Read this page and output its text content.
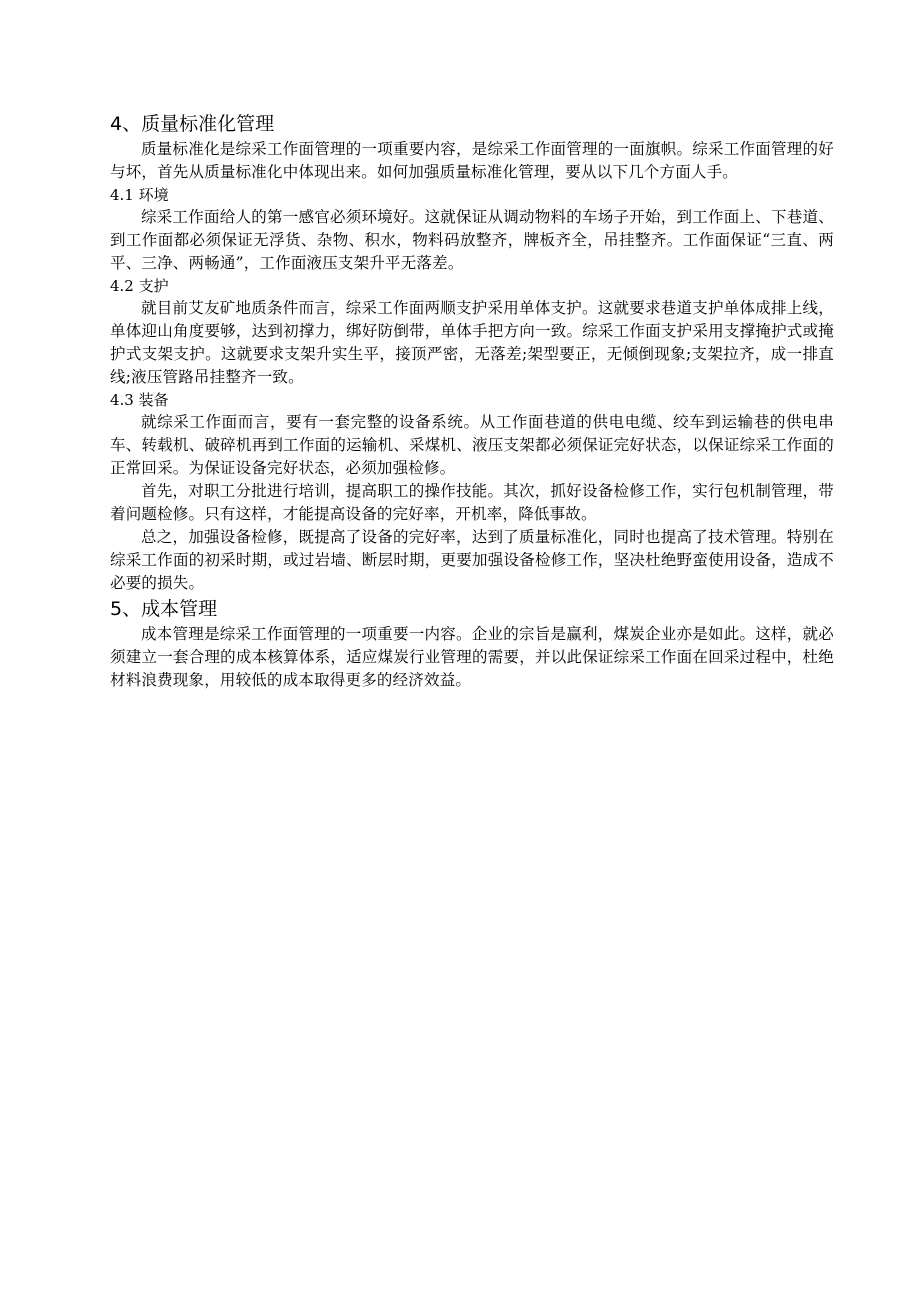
4、质量标准化管理

质量标准化是综采工作面管理的一项重要内容，是综采工作面管理的一面旗帜。综采工作面管理的好与坏，首先从质量标准化中体现出来。如何加强质量标准化管理，要从以下几个方面人手。

4.1 环境

综采工作面给人的第一感官必须环境好。这就保证从调动物料的车场子开始，到工作面上、下巷道、到工作面都必须保证无浮货、杂物、积水，物料码放整齐，牌板齐全，吊挂整齐。工作面保证“三直、两平、三净、两畅通”，工作面液压支架升平无落差。

4.2 支护

就目前艾友矿地质条件而言，综采工作面两顺支护采用单体支护。这就要求巷道支护单体成排上线，单体迎山角度要够，达到初撑力，绑好防倒带，单体手把方向一致。综采工作面支护采用支撑掩护式或掩护式支架支护。这就要求支架升实生平，接顶严密，无落差;架型要正，无倾倒现象;支架拉齐，成一排直线;液压管路吊挂整齐一致。

4.3 装备

就综采工作面而言，要有一套完整的设备系统。从工作面巷道的供电电缆、绞车到运输巷的供电串车、转载机、破碎机再到工作面的运输机、采煤机、液压支架都必须保证完好状态，以保证综采工作面的正常回采。为保证设备完好状态，必须加强检修。

首先，对职工分批进行培训，提高职工的操作技能。其次，抓好设备检修工作，实行包机制管理，带着问题检修。只有这样，才能提高设备的完好率，开机率，降低事故。

总之，加强设备检修，既提高了设备的完好率，达到了质量标准化，同时也提高了技术管理。特别在综采工作面的初采时期，或过岩墙、断层时期，更要加强设备检修工作，坚决杜绝野蛮使用设备，造成不必要的损失。

5、成本管理

成本管理是综采工作面管理的一项重要一内容。企业的宗旨是赢利，煤炭企业亦是如此。这样，就必须建立一套合理的成本核算体系，适应煤炭行业管理的需要，并以此保证综采工作面在回采过程中，杜绝材料浪费现象，用较低的成本取得更多的经济效益。
